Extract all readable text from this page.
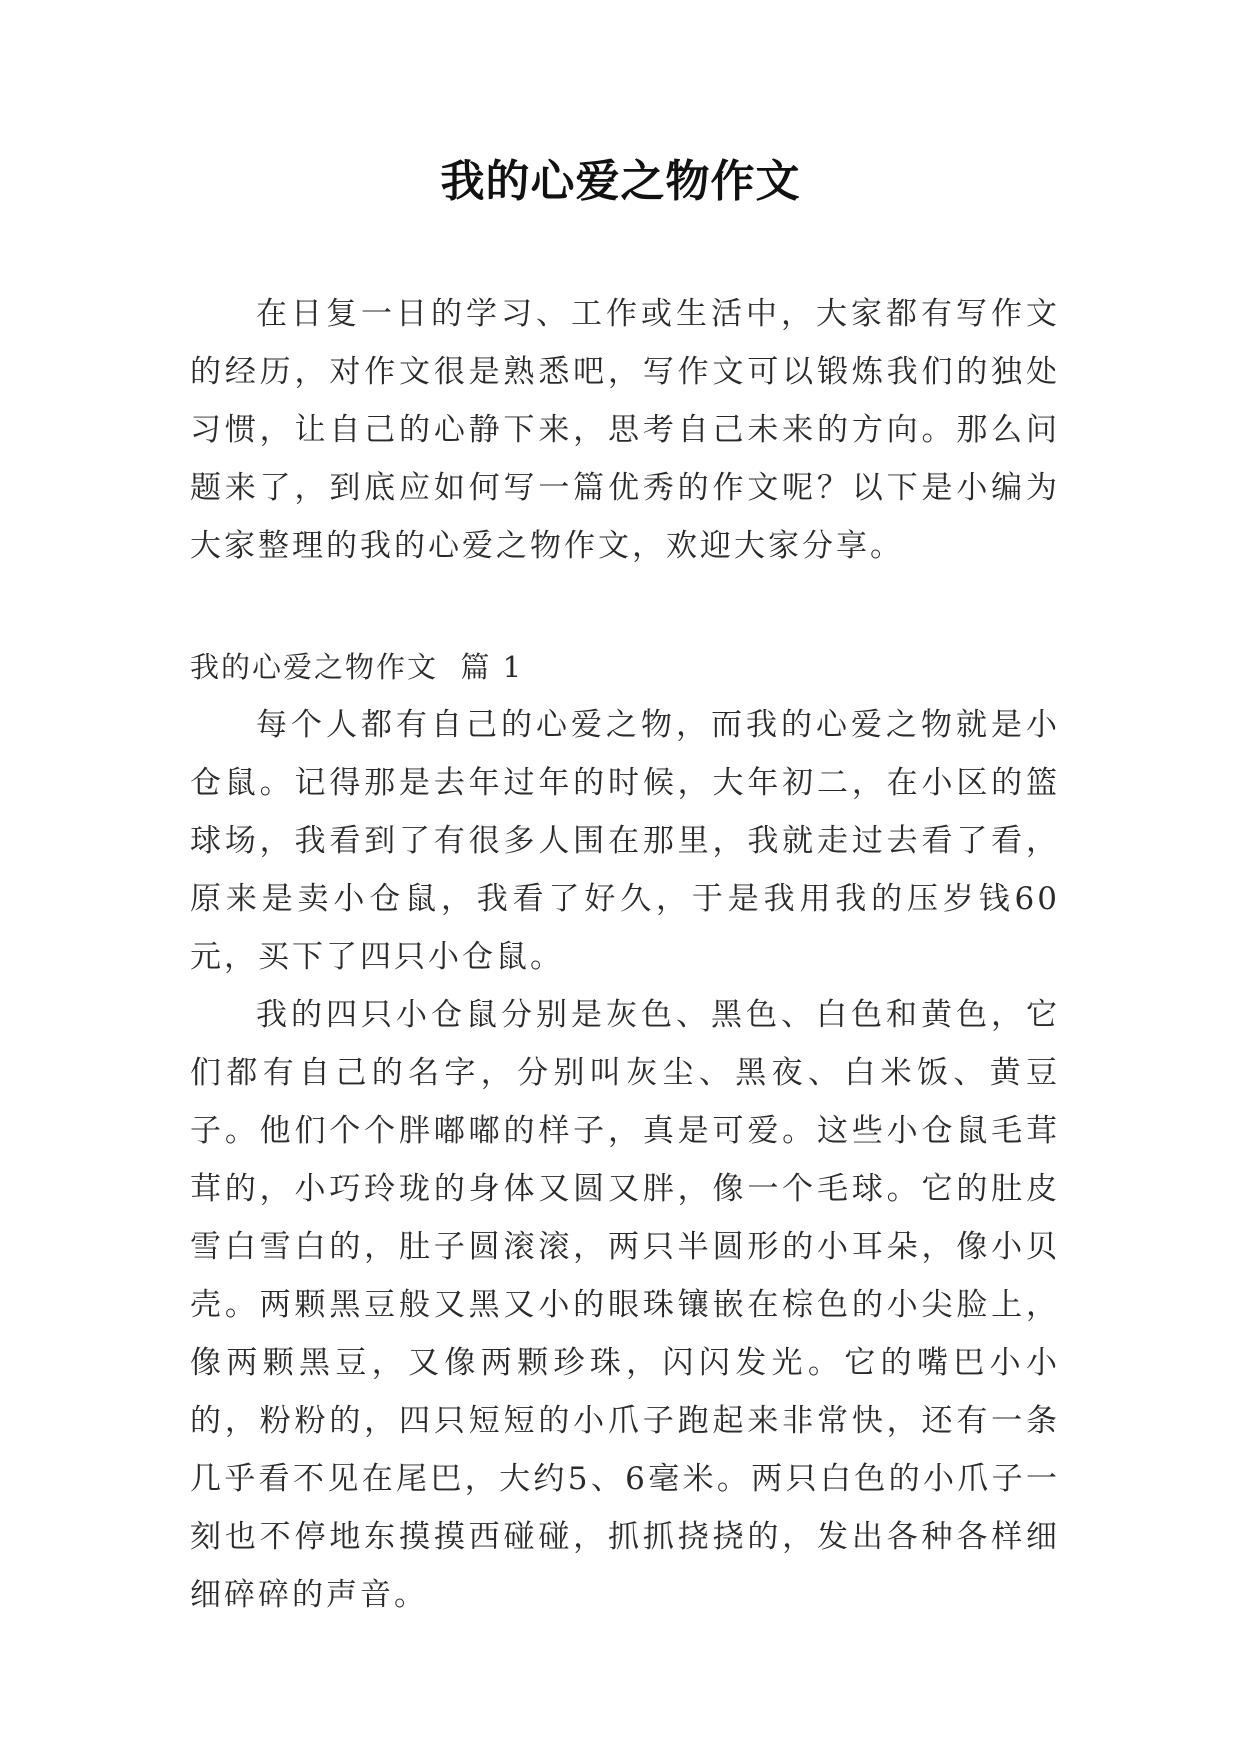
我的心爱之物作文

在日复一日的学习、工作或生活中，大家都有写作文的经历，对作文很是熟悉吧，写作文可以锻炼我们的独处习惯，让自己的心静下来，思考自己未来的方向。那么问题来了，到底应如何写一篇优秀的作文呢？以下是小编为大家整理的我的心爱之物作文，欢迎大家分享。

我的心爱之物作文  篇 1

每个人都有自己的心爱之物，而我的心爱之物就是小仓鼠。记得那是去年过年的时候，大年初二，在小区的篮球场，我看到了有很多人围在那里，我就走过去看了看，原来是卖小仓鼠，我看了好久，于是我用我的压岁钱60元，买下了四只小仓鼠。

我的四只小仓鼠分别是灰色、黑色、白色和黄色，它们都有自己的名字，分别叫灰尘、黑夜、白米饭、黄豆子。他们个个胖嘟嘟的样子，真是可爱。这些小仓鼠毛茸茸的，小巧玲珑的身体又圆又胖，像一个毛球。它的肚皮雪白雪白的，肚子圆滚滚，两只半圆形的小耳朵，像小贝壳。两颗黑豆般又黑又小的眼珠镶嵌在棕色的小尖脸上，像两颗黑豆，又像两颗珍珠，闪闪发光。它的嘴巴小小的，粉粉的，四只短短的小爪子跑起来非常快，还有一条几乎看不见在尾巴，大约5、6毫米。两只白色的小爪子一刻也不停地东摸摸西碰碰，抓抓挠挠的，发出各种各样细细碎碎的声音。
